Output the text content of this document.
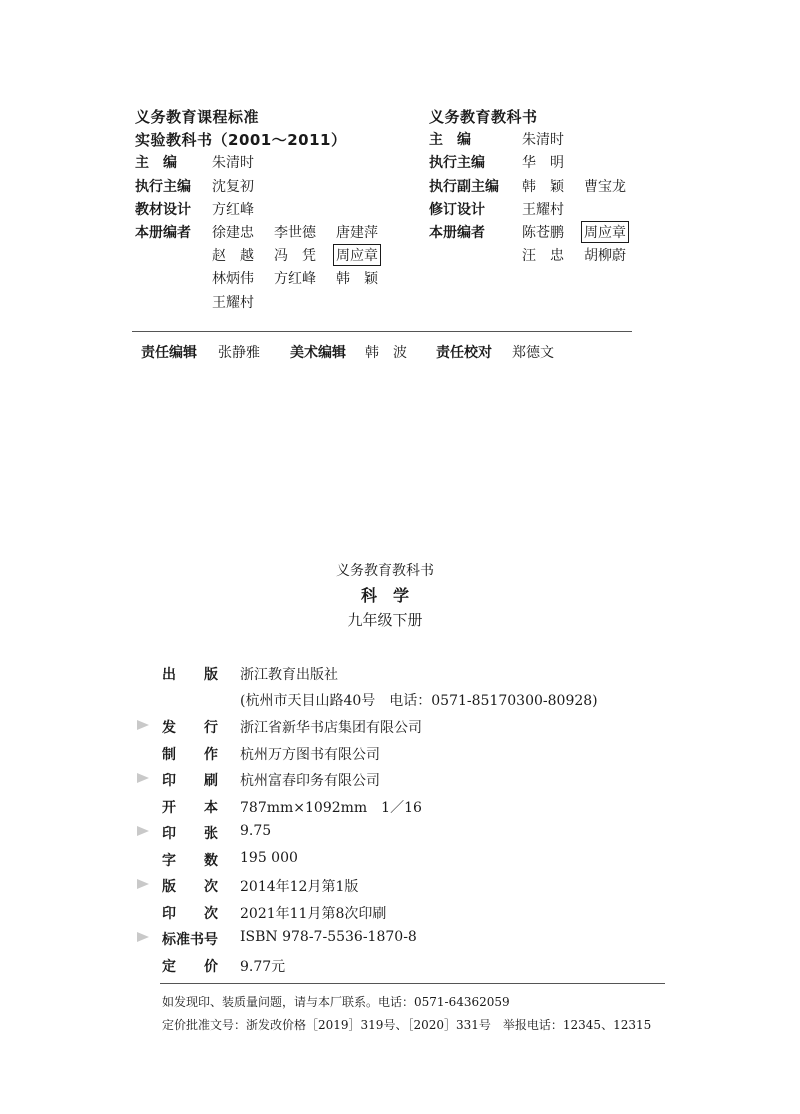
义务教育课程标准
实验教科书（2001～2011）
主　编	朱清时
执行主编 沈复初
教材设计 方红峰
本册编者 徐建忠 李世德 唐建萍
赵　越 冯　凭 周应章
林炳伟 方红峰 韩　颖
王耀村
义务教育教科书
主　编	朱清时
执行主编	华　明
执行副主编 韩　颖 曹宝龙
修订设计	王耀村
本册编者	陈苍鹏 周应章
汪　忠 胡柳蔚
责任编辑 张静雅 美术编辑 韩　波 责任校对 郑德文
义务教育教科书
科　学
九年级下册
出　　版 浙江教育出版社
(杭州市天目山路40号　电话：0571-85170300-80928)
发　　行 浙江省新华书店集团有限公司
制　　作 杭州万方图书有限公司
印　　刷 杭州富春印务有限公司
开　　本 787mm×1092mm　1／16
印　　张 9.75
字　　数 195 000
版　　次 2014年12月第1版
印　　次 2021年11月第8次印刷
标准书号 ISBN 978-7-5536-1870-8
定　　价 9.77元
如发现印、装质量问题，请与本厂联系。电话：0571-64362059
定价批准文号：浙发改价格［2019］319号、［2020］331号　举报电话：12345、12315
